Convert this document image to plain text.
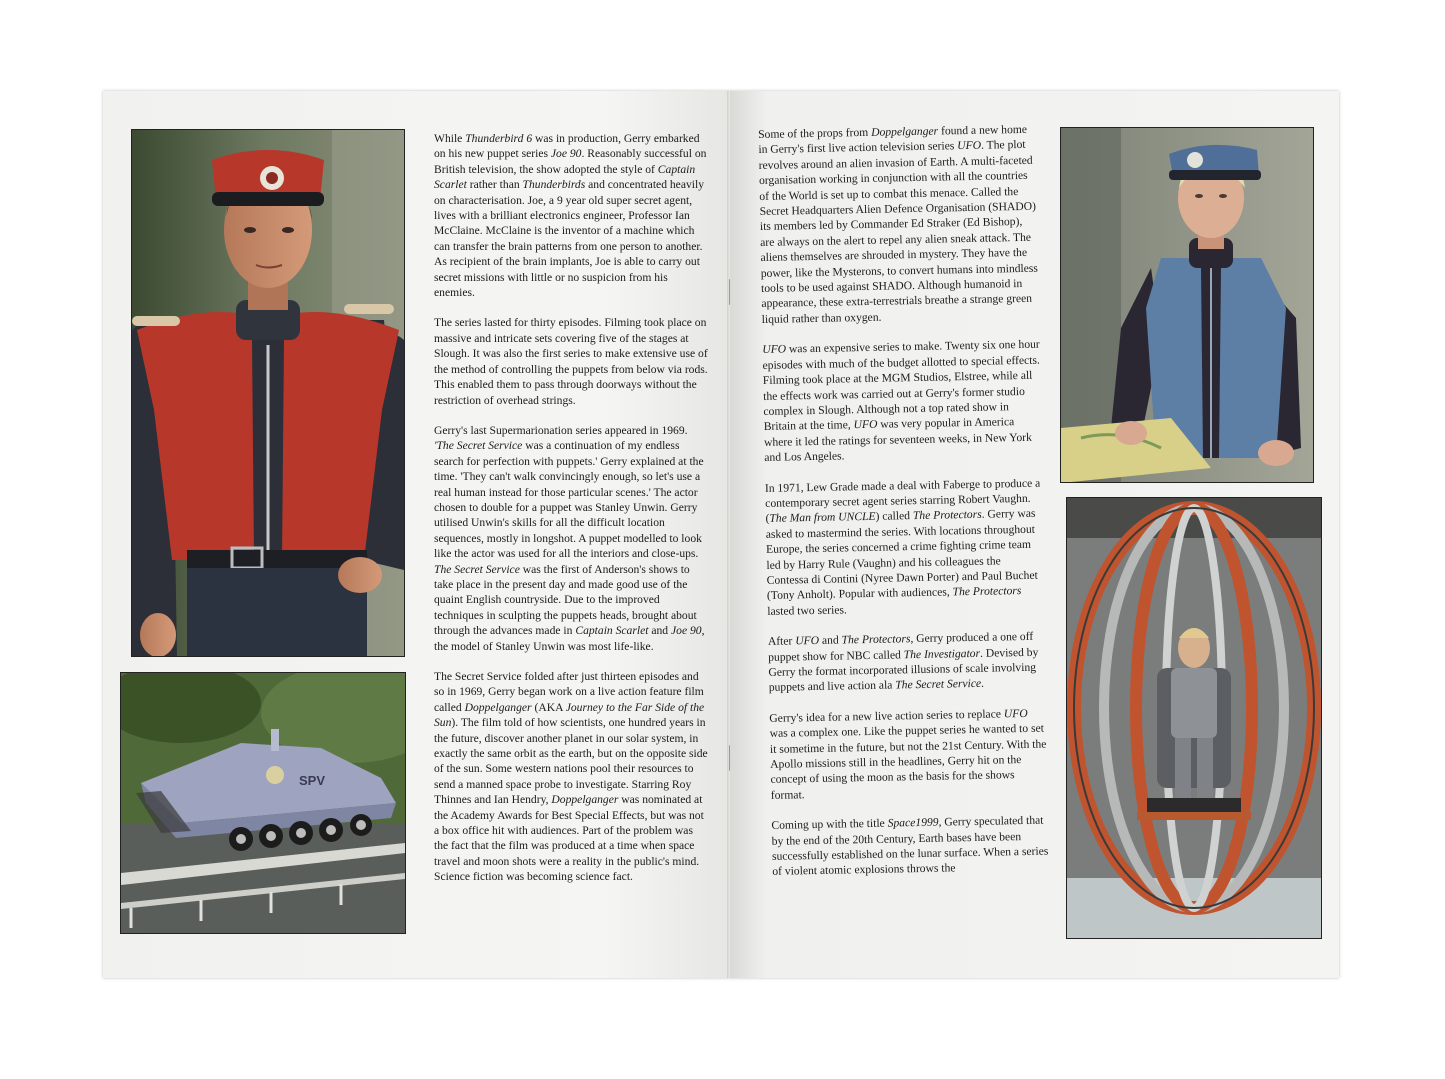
SPV

While Thunderbird 6 was in production, Gerry embarked on his new puppet series Joe 90. Reasonably successful on British television, the show adopted the style of Captain Scarlet rather than Thunderbirds and concentrated heavily on characterisation. Joe, a 9 year old super secret agent, lives with a brilliant electronics engineer, Professor Ian McClaine. McClaine is the inventor of a machine which can transfer the brain patterns from one person to another. As recipient of the brain implants, Joe is able to carry out secret missions with little or no suspicion from his enemies.

The series lasted for thirty episodes. Filming took place on massive and intricate sets covering five of the stages at Slough. It was also the first series to make extensive use of the method of controlling the puppets from below via rods. This enabled them to pass through doorways without the restriction of overhead strings.

Gerry's last Supermarionation series appeared in 1969. 'The Secret Service was a continuation of my endless search for perfection with puppets.' Gerry explained at the time. 'They can't walk convincingly enough, so let's use a real human instead for those particular scenes.' The actor chosen to double for a puppet was Stanley Unwin. Gerry utilised Unwin's skills for all the difficult location sequences, mostly in longshot. A puppet modelled to look like the actor was used for all the interiors and close-ups. The Secret Service was the first of Anderson's shows to take place in the present day and made good use of the quaint English countryside. Due to the improved techniques in sculpting the puppets heads, brought about through the advances made in Captain Scarlet and Joe 90, the model of Stanley Unwin was most life-like.

The Secret Service folded after just thirteen episodes and so in 1969, Gerry began work on a live action feature film called Doppelganger (AKA Journey to the Far Side of the Sun). The film told of how scientists, one hundred years in the future, discover another planet in our solar system, in exactly the same orbit as the earth, but on the opposite side of the sun. Some western nations pool their resources to send a manned space probe to investigate. Starring Roy Thinnes and Ian Hendry, Doppelganger was nominated at the Academy Awards for Best Special Effects, but was not a box office hit with audiences. Part of the problem was the fact that the film was produced at a time when space travel and moon shots were a reality in the public's mind. Science fiction was becoming science fact.

Some of the props from Doppelganger found a new home in Gerry's first live action television series UFO. The plot revolves around an alien invasion of Earth. A multi-faceted organisation working in conjunction with all the countries of the World is set up to combat this menace. Called the Secret Headquarters Alien Defence Organisation (SHADO) its members led by Commander Ed Straker (Ed Bishop), are always on the alert to repel any alien sneak attack. The aliens themselves are shrouded in mystery. They have the power, like the Mysterons, to convert humans into mindless tools to be used against SHADO. Although humanoid in appearance, these extra-terrestrials breathe a strange green liquid rather than oxygen.

UFO was an expensive series to make. Twenty six one hour episodes with much of the budget allotted to special effects. Filming took place at the MGM Studios, Elstree, while all the effects work was carried out at Gerry's former studio complex in Slough. Although not a top rated show in Britain at the time, UFO was very popular in America where it led the ratings for seventeen weeks, in New York and Los Angeles.

In 1971, Lew Grade made a deal with Faberge to produce a contemporary secret agent series starring Robert Vaughn. (The Man from UNCLE) called The Protectors. Gerry was asked to mastermind the series. With locations throughout Europe, the series concerned a crime fighting crime team led by Harry Rule (Vaughn) and his colleagues the Contessa di Contini (Nyree Dawn Porter) and Paul Buchet (Tony Anholt). Popular with audiences, The Protectors lasted two series.

After UFO and The Protectors, Gerry produced a one off puppet show for NBC called The Investigator. Devised by Gerry the format incorporated illusions of scale involving puppets and live action ala The Secret Service.

Gerry's idea for a new live action series to replace UFO was a complex one. Like the puppet series he wanted to set it sometime in the future, but not the 21st Century. With the Apollo missions still in the headlines, Gerry hit on the concept of using the moon as the basis for the shows format.

Coming up with the title Space1999, Gerry speculated that by the end of the 20th Century, Earth bases have been successfully established on the lunar surface. When a series of violent atomic explosions throws the
